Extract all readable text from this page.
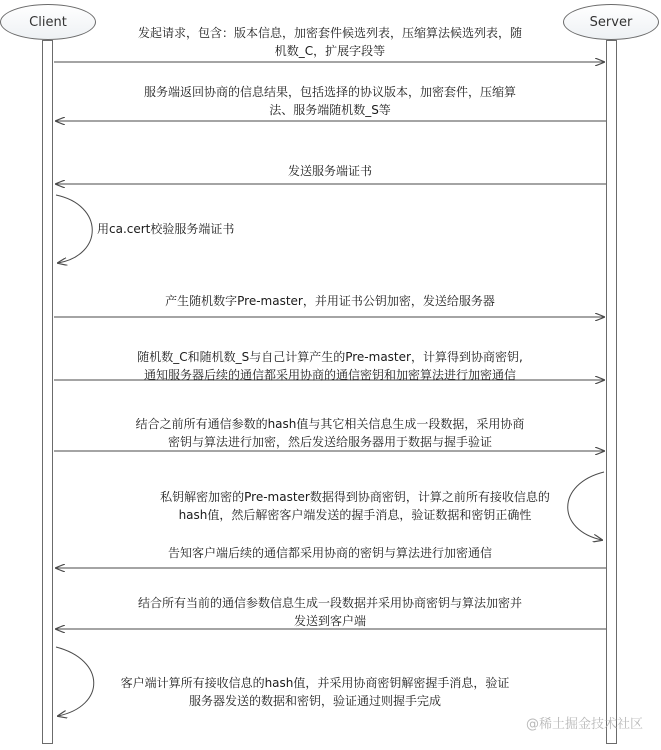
Client	Server
发起请求，包含：版本信息，加密套件候选列表，压缩算法候选列表，随
机数_C，扩展字段等
服务端返回协商的信息结果，包括选择的协议版本，加密套件，压缩算
法、服务端随机数_S等
发送服务端证书
用ca.cert校验服务端证书
产生随机数字Pre-master，并用证书公钥加密，发送给服务器
随机数_C和随机数_S与自己计算产生的Pre-master，计算得到协商密钥,
通知服务器后续的通信都采用协商的通信密钥和加密算法进行加密通信
结合之前所有通信参数的hash值与其它相关信息生成一段数据，采用协商
密钥与算法进行加密，然后发送给服务器用于数据与握手验证
私钥解密加密的Pre-master数据得到协商密钥，计算之前所有接收信息的
hash值，然后解密客户端发送的握手消息，验证数据和密钥正确性
告知客户端后续的通信都采用协商的密钥与算法进行加密通信
结合所有当前的通信参数信息生成一段数据并采用协商密钥与算法加密并
发送到客户端
客户端计算所有接收信息的hash值，并采用协商密钥解密握手消息，验证
服务器发送的数据和密钥，验证通过则握手完成
@稀土掘金技术社区
